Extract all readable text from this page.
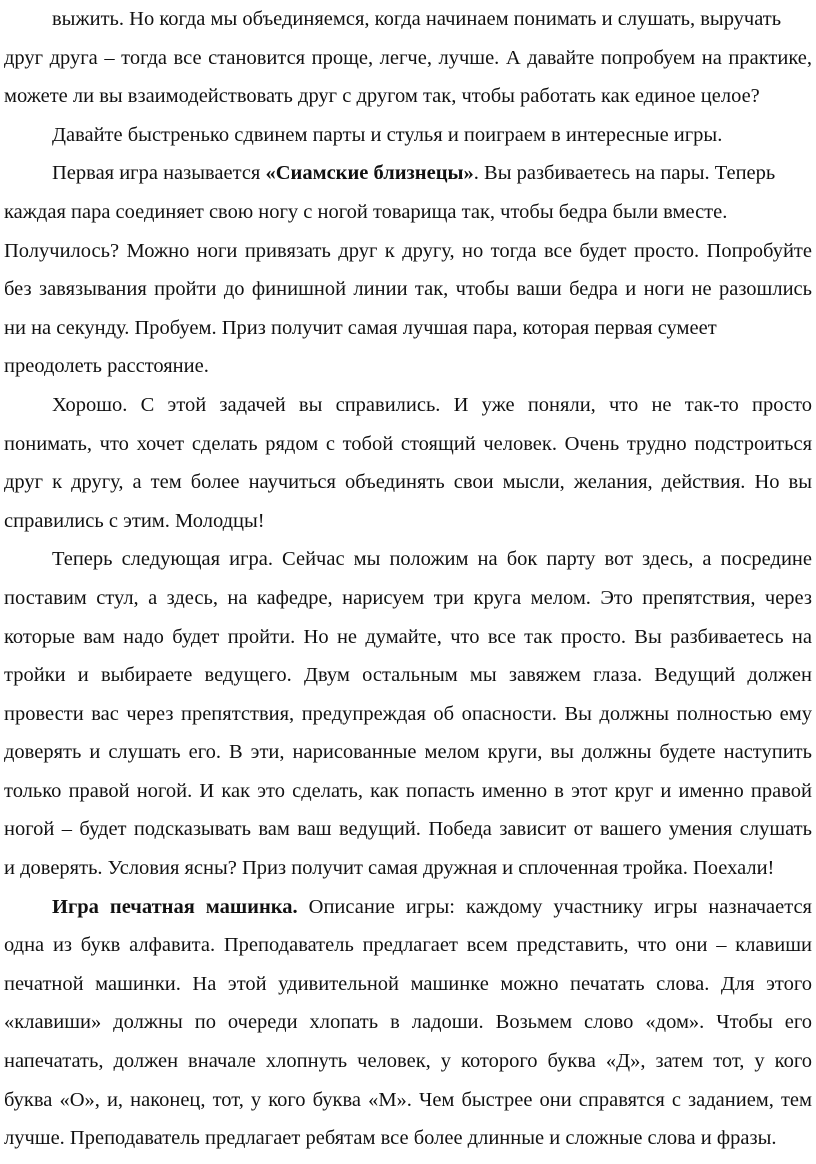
выжить. Но когда мы объединяемся, когда начинаем понимать и слушать, выручать
друг друга – тогда все становится проще, легче, лучше. А давайте попробуем на практике,
можете ли вы взаимодействовать друг с другом так, чтобы работать как единое целое?
Давайте быстренько сдвинем парты и стулья и поиграем в интересные игры.
Первая игра называется «Сиамские близнецы». Вы разбиваетесь на пары. Теперь
каждая пара соединяет свою ногу с ногой товарища так, чтобы бедра были вместе.
Получилось? Можно ноги привязать друг к другу, но тогда все будет просто. Попробуйте
без завязывания пройти до финишной линии так, чтобы ваши бедра и ноги не разошлись
ни на секунду. Пробуем. Приз получит самая лучшая пара, которая первая сумеет
преодолеть расстояние.
Хорошо. С этой задачей вы справились. И уже поняли, что не так-то просто
понимать, что хочет сделать рядом с тобой стоящий человек. Очень трудно подстроиться
друг к другу, а тем более научиться объединять свои мысли, желания, действия. Но вы
справились с этим. Молодцы!
Теперь следующая игра. Сейчас мы положим на бок парту вот здесь, а посредине
поставим стул, а здесь, на кафедре, нарисуем три круга мелом. Это препятствия, через
которые вам надо будет пройти. Но не думайте, что все так просто. Вы разбиваетесь на
тройки и выбираете ведущего. Двум остальным мы завяжем глаза. Ведущий должен
провести вас через препятствия, предупреждая об опасности. Вы должны полностью ему
доверять и слушать его. В эти, нарисованные мелом круги, вы должны будете наступить
только правой ногой. И как это сделать, как попасть именно в этот круг и именно правой
ногой – будет подсказывать вам ваш ведущий. Победа зависит от вашего умения слушать
и доверять. Условия ясны? Приз получит самая дружная и сплоченная тройка. Поехали!
Игра печатная машинка. Описание игры: каждому участнику игры назначается
одна из букв алфавита. Преподаватель предлагает всем представить, что они – клавиши
печатной машинки. На этой удивительной машинке можно печатать слова. Для этого
«клавиши» должны по очереди хлопать в ладоши. Возьмем слово «дом». Чтобы его
напечатать, должен вначале хлопнуть человек, у которого буква «Д», затем тот, у кого
буква «О», и, наконец, тот, у кого буква «М». Чем быстрее они справятся с заданием, тем
лучше. Преподаватель предлагает ребятам все более длинные и сложные слова и фразы.
